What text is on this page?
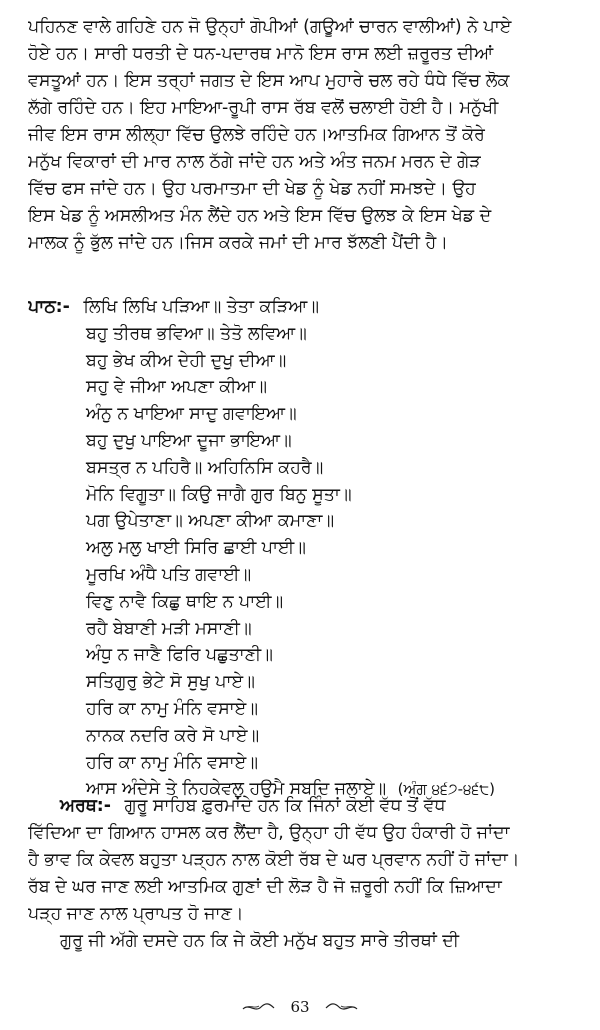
ਪਹਿਨਣ ਵਾਲੇ ਗਹਿਣੇ ਹਨ ਜੋ ਉਨ੍ਹਾਂ ਗੋਪੀਆਂ (ਗਊਆਂ ਚਾਰਨ ਵਾਲੀਆਂ) ਨੇ ਪਾਏ
ਹੋਏ ਹਨ। ਸਾਰੀ ਧਰਤੀ ਦੇ ਧਨ-ਪਦਾਰਥ ਮਾਨੋ ਇਸ ਰਾਸ ਲਈ ਜ਼ਰੂਰਤ ਦੀਆਂ
ਵਸਤੂਆਂ ਹਨ। ਇਸ ਤਰ੍ਹਾਂ ਜਗਤ ਦੇ ਇਸ ਆਪ ਮੁਹਾਰੇ ਚਲ ਰਹੇ ਧੰਧੇ ਵਿੱਚ ਲੋਕ
ਲੱਗੇ ਰਹਿੰਦੇ ਹਨ। ਇਹ ਮਾਇਆ-ਰੂਪੀ ਰਾਸ ਰੱਬ ਵਲੋਂ ਚਲਾਈ ਹੋਈ ਹੈ। ਮਨੁੱਖੀ
ਜੀਵ ਇਸ ਰਾਸ ਲੀਲ੍ਹਾ ਵਿੱਚ ਉਲਝੇ ਰਹਿੰਦੇ ਹਨ।ਆਤਮਿਕ ਗਿਆਨ ਤੋਂ ਕੋਰੇ
ਮਨੁੱਖ ਵਿਕਾਰਾਂ ਦੀ ਮਾਰ ਨਾਲ ਠੱਗੇ ਜਾਂਦੇ ਹਨ ਅਤੇ ਅੰਤ ਜਨਮ ਮਰਨ ਦੇ ਗੇੜ
ਵਿੱਚ ਫਸ ਜਾਂਦੇ ਹਨ। ਉਹ ਪਰਮਾਤਮਾ ਦੀ ਖੇਡ ਨੂੰ ਖੇਡ ਨਹੀਂ ਸਮਝਦੇ। ਉਹ
ਇਸ ਖੇਡ ਨੂੰ ਅਸਲੀਅਤ ਮੰਨ ਲੈਂਦੇ ਹਨ ਅਤੇ ਇਸ ਵਿੱਚ ਉਲਝ ਕੇ ਇਸ ਖੇਡ ਦੇ
ਮਾਲਕ ਨੂੰ ਭੁੱਲ ਜਾਂਦੇ ਹਨ।ਜਿਸ ਕਰਕੇ ਜਮਾਂ ਦੀ ਮਾਰ ਝੱਲਣੀ ਪੈਂਦੀ ਹੈ।
ਪਾਠ:- ਲਿਖਿ ਲਿਖਿ ਪੜਿਆ॥ ਤੇਤਾ ਕੜਿਆ॥
ਬਹੁ ਤੀਰਥ ਭਵਿਆ॥ ਤੇਤੋ ਲਵਿਆ॥
ਬਹੁ ਭੇਖ ਕੀਅ ਦੇਹੀ ਦੁਖੁ ਦੀਆ॥
ਸਹੁ ਵੇ ਜੀਆ ਅਪਣਾ ਕੀਆ॥
ਅੰਨੁ ਨ ਖਾਇਆ ਸਾਦੁ ਗਵਾਇਆ॥
ਬਹੁ ਦੁਖੁ ਪਾਇਆ ਦੂਜਾ ਭਾਇਆ॥
ਬਸਤ੍ਰ ਨ ਪਹਿਰੈ॥ ਅਹਿਨਿਸਿ ਕਹਰੈ॥
ਮੋਨਿ ਵਿਗੂਤਾ॥ ਕਿਉ ਜਾਗੈ ਗੁਰ ਬਿਨੁ ਸੂਤਾ॥
ਪਗ ਉਪੇਤਾਣਾ॥ ਅਪਣਾ ਕੀਆ ਕਮਾਣਾ॥
ਅਲੁ ਮਲੁ ਖਾਈ ਸਿਰਿ ਛਾਈ ਪਾਈ॥
ਮੂਰਖਿ ਅੰਧੈ ਪਤਿ ਗਵਾਈ॥
ਵਿਣੁ ਨਾਵੈ ਕਿਛੁ ਥਾਇ ਨ ਪਾਈ॥
ਰਹੈ ਬੇਬਾਣੀ ਮੜੀ ਮਸਾਣੀ॥
ਅੰਧੁ ਨ ਜਾਣੈ ਫਿਰਿ ਪਛੁਤਾਣੀ॥
ਸਤਿਗੁਰੁ ਭੇਟੇ ਸੋ ਸੁਖੁ ਪਾਏ॥
ਹਰਿ ਕਾ ਨਾਮੁ ਮੰਨਿ ਵਸਾਏ॥
ਨਾਨਕ ਨਦਰਿ ਕਰੇ ਸੋ ਪਾਏ॥
ਹਰਿ ਕਾ ਨਾਮੁ ਮੰਨਿ ਵਸਾਏ॥
ਆਸ ਅੰਦੇਸੇ ਤੇ ਨਿਹਕੇਵਲੁ ਹਉਮੈ ਸਬਦਿ ਜਲਾਏ॥ (ਅੰਗ ੪੬੭-੪੬੮)
ਅਰਥ:- ਗੁਰੂ ਸਾਹਿਬ ਫ਼ੁਰਮਾਂਦੇ ਹਨ ਕਿ ਜਿੰਨਾਂ ਕੋਈ ਵੱਧ ਤੋਂ ਵੱਧ
ਵਿੱਦਿਆ ਦਾ ਗਿਆਨ ਹਾਸਲ ਕਰ ਲੈਂਦਾ ਹੈ, ਉਨ੍ਹਾ ਹੀ ਵੱਧ ਉਹ ਹੰਕਾਰੀ ਹੋ ਜਾਂਦਾ
ਹੈ ਭਾਵ ਕਿ ਕੇਵਲ ਬਹੁਤਾ ਪੜ੍ਹਨ ਨਾਲ ਕੋਈ ਰੱਬ ਦੇ ਘਰ ਪ੍ਰਵਾਨ ਨਹੀਂ ਹੋ ਜਾਂਦਾ।
ਰੱਬ ਦੇ ਘਰ ਜਾਣ ਲਈ ਆਤਮਿਕ ਗੁਣਾਂ ਦੀ ਲੋੜ ਹੈ ਜੋ ਜ਼ਰੂਰੀ ਨਹੀਂ ਕਿ ਜ਼ਿਆਦਾ
ਪੜ੍ਹ ਜਾਣ ਨਾਲ ਪ੍ਰਾਪਤ ਹੋ ਜਾਣ।
ਗੁਰੂ ਜੀ ਅੱਗੇ ਦਸਦੇ ਹਨ ਕਿ ਜੇ ਕੋਈ ਮਨੁੱਖ ਬਹੁਤ ਸਾਰੇ ਤੀਰਥਾਂ ਦੀ
63
